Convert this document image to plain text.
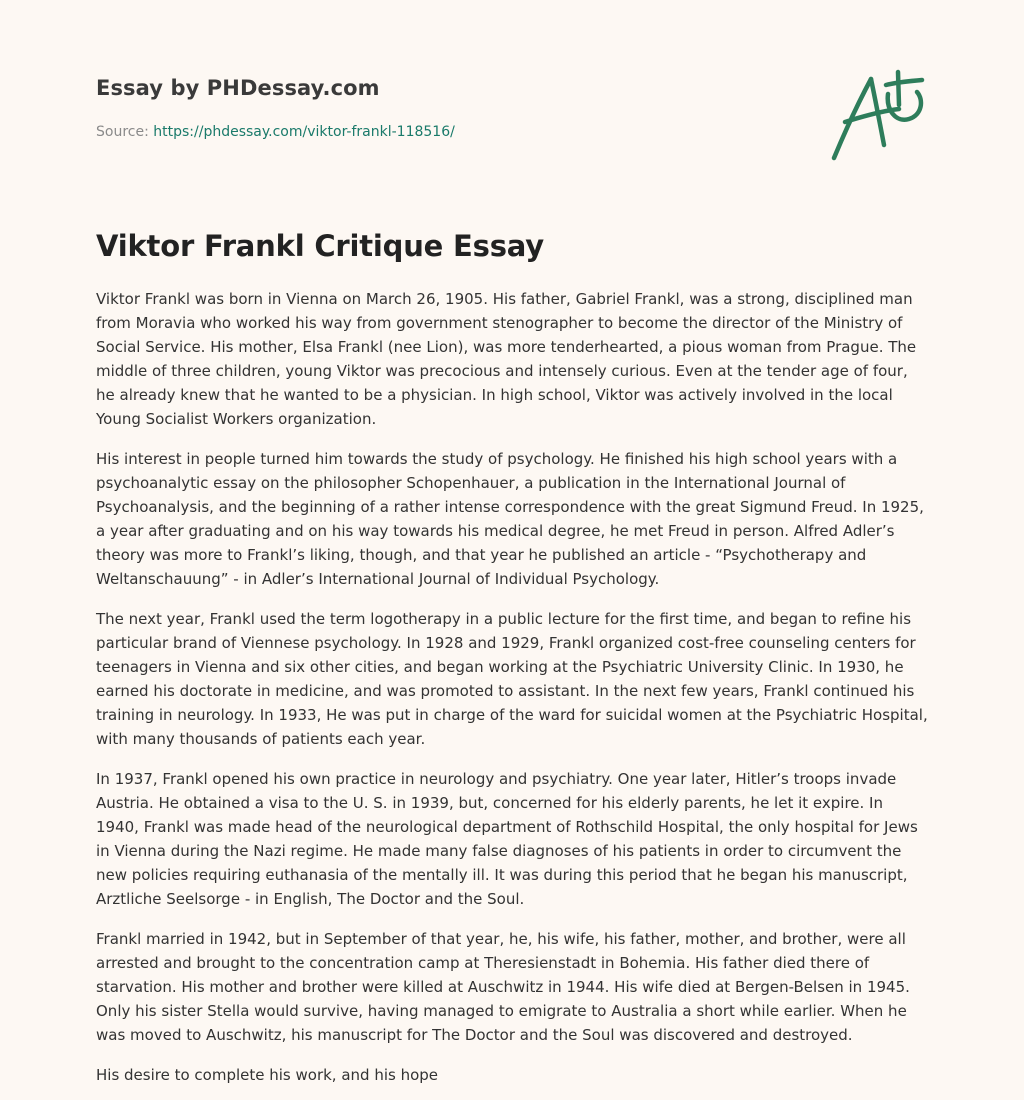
Essay by PHDessay.com
Source: https://phdessay.com/viktor-frankl-118516/
Viktor Frankl Critique Essay

Viktor Frankl was born in Vienna on March 26, 1905. His father, Gabriel Frankl, was a strong, disciplined man from Moravia who worked his way from government stenographer to become the director of the Ministry of Social Service. His mother, Elsa Frankl (nee Lion), was more tenderhearted, a pious woman from Prague. The middle of three children, young Viktor was precocious and intensely curious. Even at the tender age of four, he already knew that he wanted to be a physician. In high school, Viktor was actively involved in the local Young Socialist Workers organization.

His interest in people turned him towards the study of psychology. He finished his high school years with a psychoanalytic essay on the philosopher Schopenhauer, a publication in the International Journal of Psychoanalysis, and the beginning of a rather intense correspondence with the great Sigmund Freud. In 1925, a year after graduating and on his way towards his medical degree, he met Freud in person. Alfred Adler’s theory was more to Frankl’s liking, though, and that year he published an article - “Psychotherapy and Weltanschauung” - in Adler’s International Journal of Individual Psychology.

The next year, Frankl used the term logotherapy in a public lecture for the first time, and began to refine his particular brand of Viennese psychology. In 1928 and 1929, Frankl organized cost-free counseling centers for teenagers in Vienna and six other cities, and began working at the Psychiatric University Clinic. In 1930, he earned his doctorate in medicine, and was promoted to assistant. In the next few years, Frankl continued his training in neurology. In 1933, He was put in charge of the ward for suicidal women at the Psychiatric Hospital, with many thousands of patients each year.

In 1937, Frankl opened his own practice in neurology and psychiatry. One year later, Hitler’s troops invade Austria. He obtained a visa to the U. S. in 1939, but, concerned for his elderly parents, he let it expire. In 1940, Frankl was made head of the neurological department of Rothschild Hospital, the only hospital for Jews in Vienna during the Nazi regime. He made many false diagnoses of his patients in order to circumvent the new policies requiring euthanasia of the mentally ill. It was during this period that he began his manuscript, Arztliche Seelsorge - in English, The Doctor and the Soul.

Frankl married in 1942, but in September of that year, he, his wife, his father, mother, and brother, were all arrested and brought to the concentration camp at Theresienstadt in Bohemia. His father died there of starvation. His mother and brother were killed at Auschwitz in 1944. His wife died at Bergen-Belsen in 1945. Only his sister Stella would survive, having managed to emigrate to Australia a short while earlier. When he was moved to Auschwitz, his manuscript for The Doctor and the Soul was discovered and destroyed.

His desire to complete his work, and his hope
